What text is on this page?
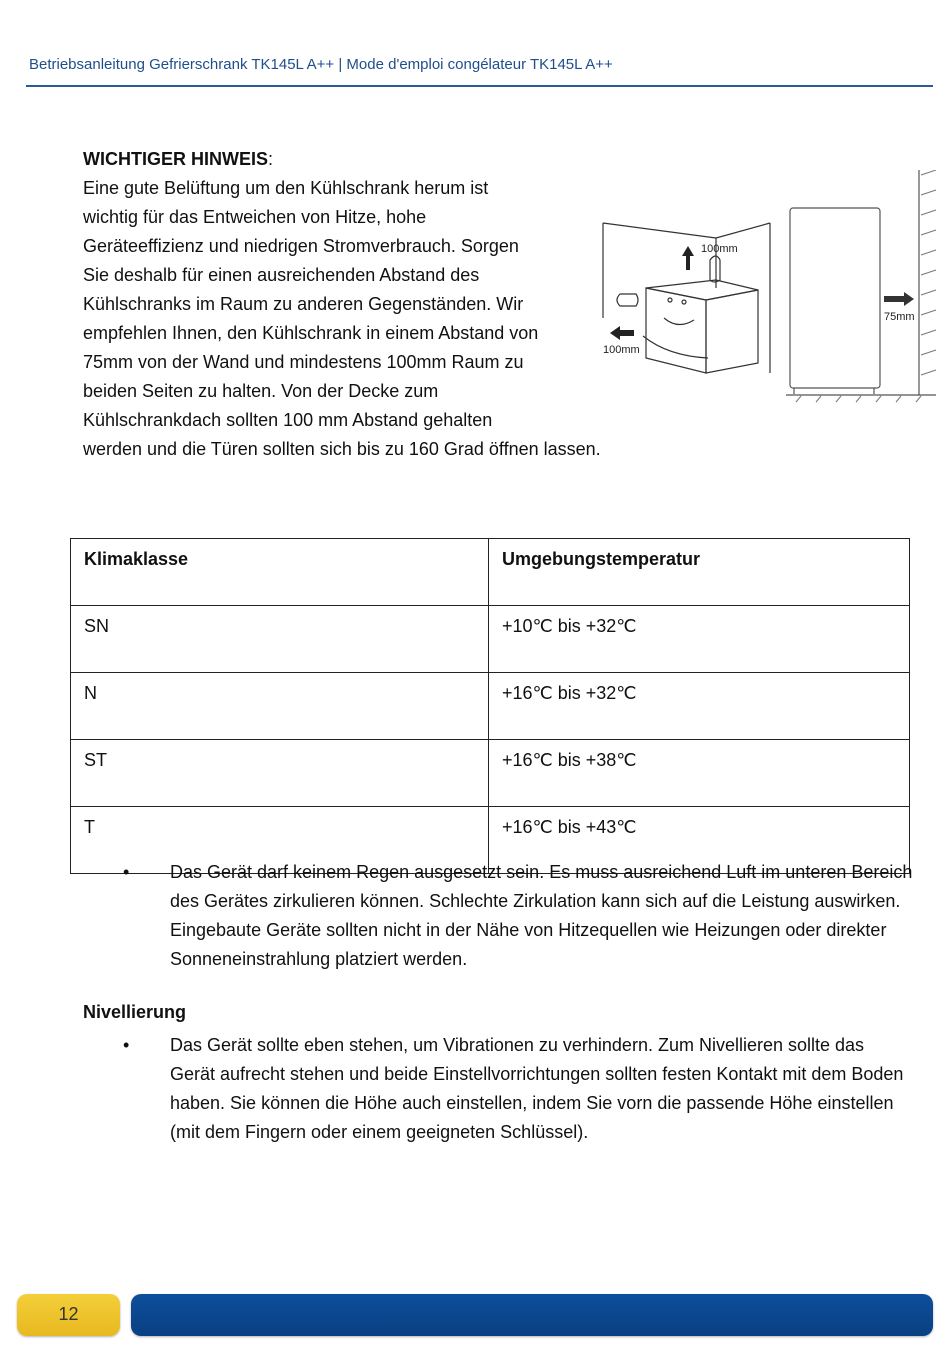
Betriebsanleitung Gefrierschrank TK145L A++ | Mode d'emploi congélateur TK145L A++

WICHTIGER HINWEIS:

Eine gute Belüftung um den Kühlschrank herum ist

wichtig für das Entweichen von Hitze, hohe

Geräteeffizienz und niedrigen Stromverbrauch. Sorgen

Sie deshalb für einen ausreichenden Abstand des

Kühlschranks im Raum zu anderen Gegenständen. Wir

empfehlen Ihnen, den Kühlschrank in einem Abstand von

75mm von der Wand und mindestens 100mm Raum zu

beiden Seiten zu halten. Von der Decke zum

Kühlschrankdach sollten 100 mm Abstand gehalten

werden und die Türen sollten sich bis zu 160 Grad öffnen lassen.

100mm
100mm
75mm
Klimaklasse	Umgebungstemperatur
SN	+10℃ bis +32℃
N	+16℃ bis +32℃
ST	+16℃ bis +38℃
T	+16℃ bis +43℃
• Das Gerät darf keinem Regen ausgesetzt sein. Es muss ausreichend Luft im unteren Bereich des Gerätes zirkulieren können. Schlechte Zirkulation kann sich auf die Leistung auswirken. Eingebaute Geräte sollten nicht in der Nähe von Hitzequellen wie Heizungen oder direkter Sonneneinstrahlung platziert werden.
Nivellierung
• Das Gerät sollte eben stehen, um Vibrationen zu verhindern. Zum Nivellieren sollte das Gerät aufrecht stehen und beide Einstellvorrichtungen sollten festen Kontakt mit dem Boden haben. Sie können die Höhe auch einstellen, indem Sie vorn die passende Höhe einstellen (mit dem Fingern oder einem geeigneten Schlüssel).
12
